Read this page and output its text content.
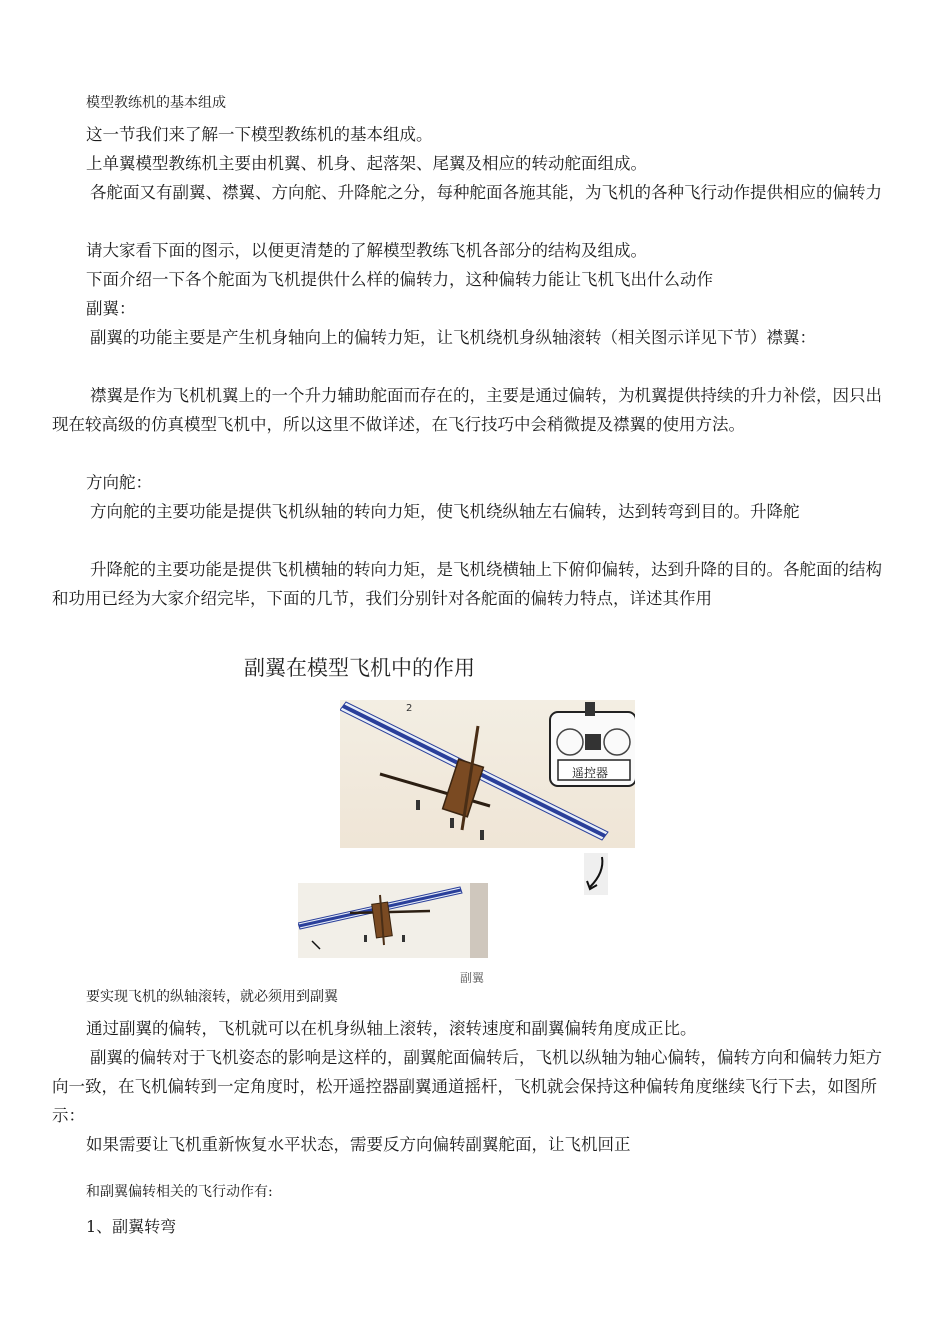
模型教练机的基本组成

这一节我们来了解一下模型教练机的基本组成。

上单翼模型教练机主要由机翼、机身、起落架、尾翼及相应的转动舵面组成。

各舵面又有副翼、襟翼、方向舵、升降舵之分，每种舵面各施其能，为飞机的各种飞行动作提供相应的偏转力

请大家看下面的图示，以便更清楚的了解模型教练飞机各部分的结构及组成。

下面介绍一下各个舵面为飞机提供什么样的偏转力，这种偏转力能让飞机飞出什么动作

副翼：

副翼的功能主要是产生机身轴向上的偏转力矩，让飞机绕机身纵轴滚转（相关图示详见下节）襟翼：

襟翼是作为飞机机翼上的一个升力辅助舵面而存在的，主要是通过偏转，为机翼提供持续的升力补偿，因只出现在较高级的仿真模型飞机中，所以这里不做详述，在飞行技巧中会稍微提及襟翼的使用方法。

方向舵：

方向舵的主要功能是提供飞机纵轴的转向力矩，使飞机绕纵轴左右偏转，达到转弯到目的。升降舵

升降舵的主要功能是提供飞机横轴的转向力矩，是飞机绕横轴上下俯仰偏转，达到升降的目的。各舵面的结构和功用已经为大家介绍完毕，下面的几节，我们分别针对各舵面的偏转力特点，详述其作用

副翼在模型飞机中的作用
2
遥控器
副翼

要实现飞机的纵轴滚转，就必须用到副翼

通过副翼的偏转，飞机就可以在机身纵轴上滚转，滚转速度和副翼偏转角度成正比。

副翼的偏转对于飞机姿态的影响是这样的，副翼舵面偏转后，飞机以纵轴为轴心偏转，偏转方向和偏转力矩方向一致，在飞机偏转到一定角度时，松开遥控器副翼通道摇杆，飞机就会保持这种偏转角度继续飞行下去，如图所示：

如果需要让飞机重新恢复水平状态，需要反方向偏转副翼舵面，让飞机回正

和副翼偏转相关的飞行动作有:

1、副翼转弯
